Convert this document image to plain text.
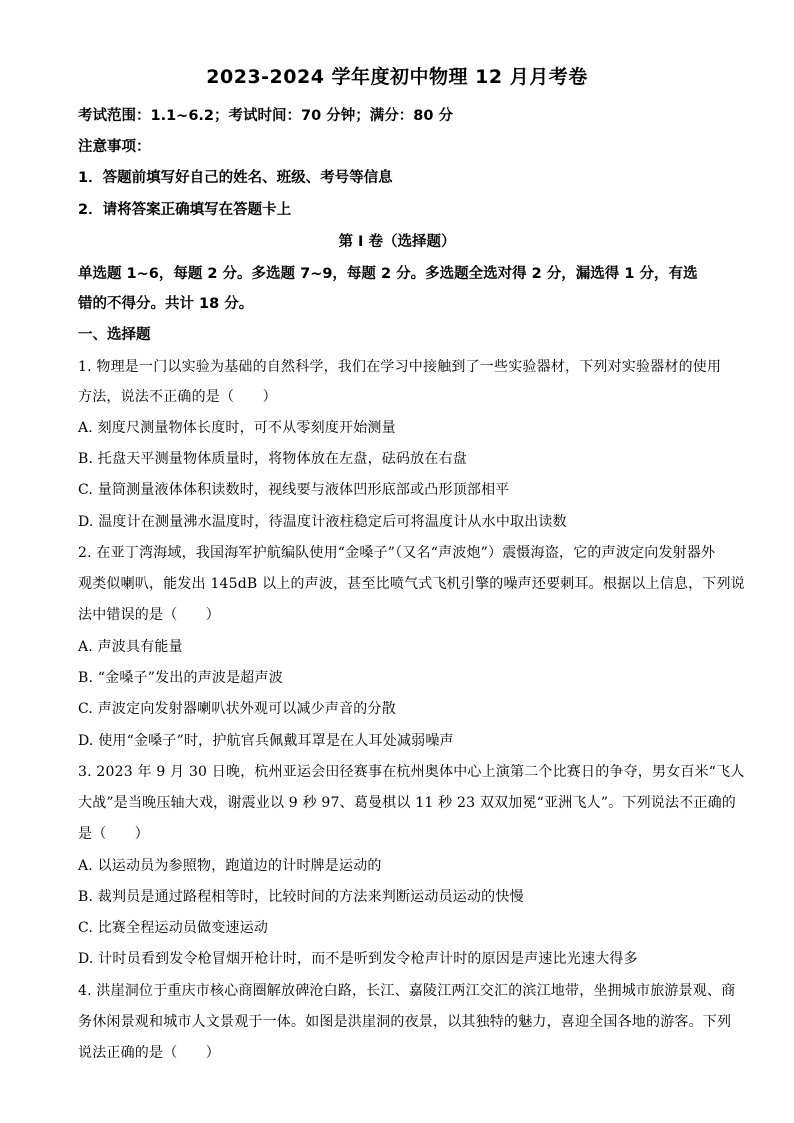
2023-2024 学年度初中物理 12 月月考卷
考试范围：1.1~6.2；考试时间：70 分钟；满分：80 分
注意事项：
1．答题前填写好自己的姓名、班级、考号等信息
2．请将答案正确填写在答题卡上
第 I 卷（选择题）
单选题 1~6，每题 2 分。多选题 7~9，每题 2 分。多选题全选对得 2 分，漏选得 1 分，有选
错的不得分。共计 18 分。
一、选择题
1. 物理是一门以实验为基础的自然科学，我们在学习中接触到了一些实验器材，下列对实验器材的使用
方法，说法不正确的是（　　）
A. 刻度尺测量物体长度时，可不从零刻度开始测量
B. 托盘天平测量物体质量时，将物体放在左盘，砝码放在右盘
C. 量筒测量液体体积读数时，视线要与液体凹形底部或凸形顶部相平
D. 温度计在测量沸水温度时，待温度计液柱稳定后可将温度计从水中取出读数
2. 在亚丁湾海域，我国海军护航编队使用“金嗓子”（又名“声波炮”）震慑海盗，它的声波定向发射器外
观类似喇叭，能发出 145dB 以上的声波，甚至比喷气式飞机引擎的噪声还要刺耳。根据以上信息，下列说
法中错误的是（　　）
A. 声波具有能量
B. “金嗓子”发出的声波是超声波
C. 声波定向发射器喇叭状外观可以减少声音的分散
D. 使用“金嗓子”时，护航官兵佩戴耳罩是在人耳处减弱噪声
3. 2023 年 9 月 30 日晚，杭州亚运会田径赛事在杭州奥体中心上演第二个比赛日的争夺，男女百米“飞人
大战”是当晚压轴大戏，谢震业以 9 秒 97、葛曼棋以 11 秒 23 双双加冕“亚洲飞人”。下列说法不正确的
是（　　）
A. 以运动员为参照物，跑道边的计时牌是运动的
B. 裁判员是通过路程相等时，比较时间的方法来判断运动员运动的快慢
C. 比赛全程运动员做变速运动
D. 计时员看到发令枪冒烟开枪计时，而不是听到发令枪声计时的原因是声速比光速大得多
4. 洪崖洞位于重庆市核心商圈解放碑沧白路，长江、嘉陵江两江交汇的滨江地带，坐拥城市旅游景观、商
务休闲景观和城市人文景观于一体。如图是洪崖洞的夜景，以其独特的魅力，喜迎全国各地的游客。下列
说法正确的是（　　）
